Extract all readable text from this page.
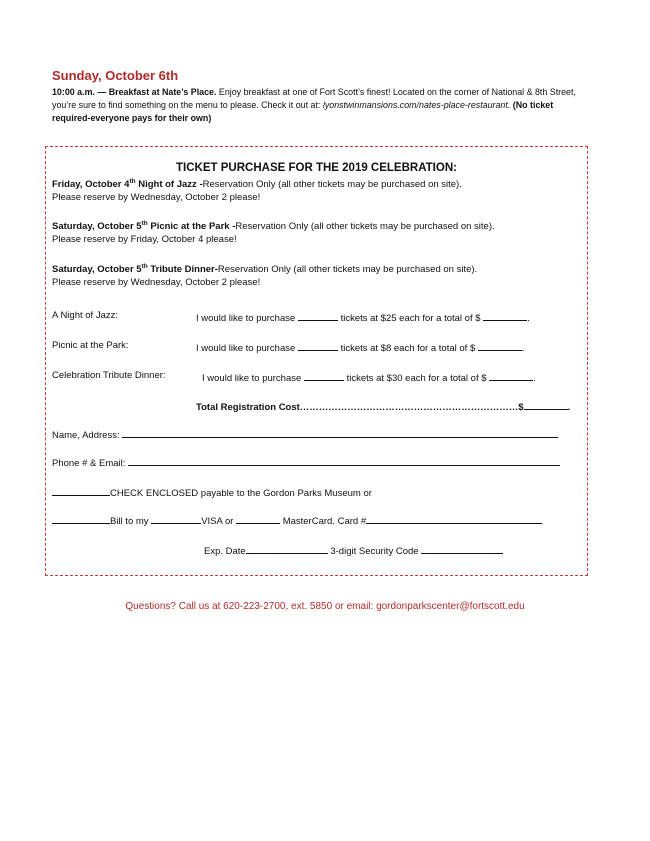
Sunday, October 6th
10:00 a.m. — Breakfast at Nate’s Place. Enjoy breakfast at one of Fort Scott’s finest! Located on the corner of National & 8th Street, you’re sure to find something on the menu to please. Check it out at: lyonstwinmansions.com/nates-place-restaurant. (No ticket required-everyone pays for their own)
TICKET PURCHASE FOR THE 2019 CELEBRATION:
Friday, October 4th Night of Jazz -Reservation Only (all other tickets may be purchased on site).
Please reserve by Wednesday, October 2 please!
Saturday, October 5th Picnic at the Park -Reservation Only (all other tickets may be purchased on site).
Please reserve by Friday, October 4 please!
Saturday, October 5th Tribute Dinner-Reservation Only (all other tickets may be purchased on site).
Please reserve by Wednesday, October 2 please!
A Night of Jazz:	I would like to purchase	tickets at $25 each for a total of $	.
Picnic at the Park:	I would like to purchase	tickets at $8 each for a total of $	.
Celebration Tribute Dinner:	I would like to purchase	tickets at $30 each for a total of $	.
Total Registration Cost……………………………………………………………$	.
Name, Address:
Phone # & Email:
CHECK ENCLOSED payable to the Gordon Parks Museum or
Bill to my	VISA or	MasterCard. Card #
Exp. Date	3-digit Security Code
Questions? Call us at 620-223-2700, ext. 5850 or email: gordonparkscenter@fortscott.edu
